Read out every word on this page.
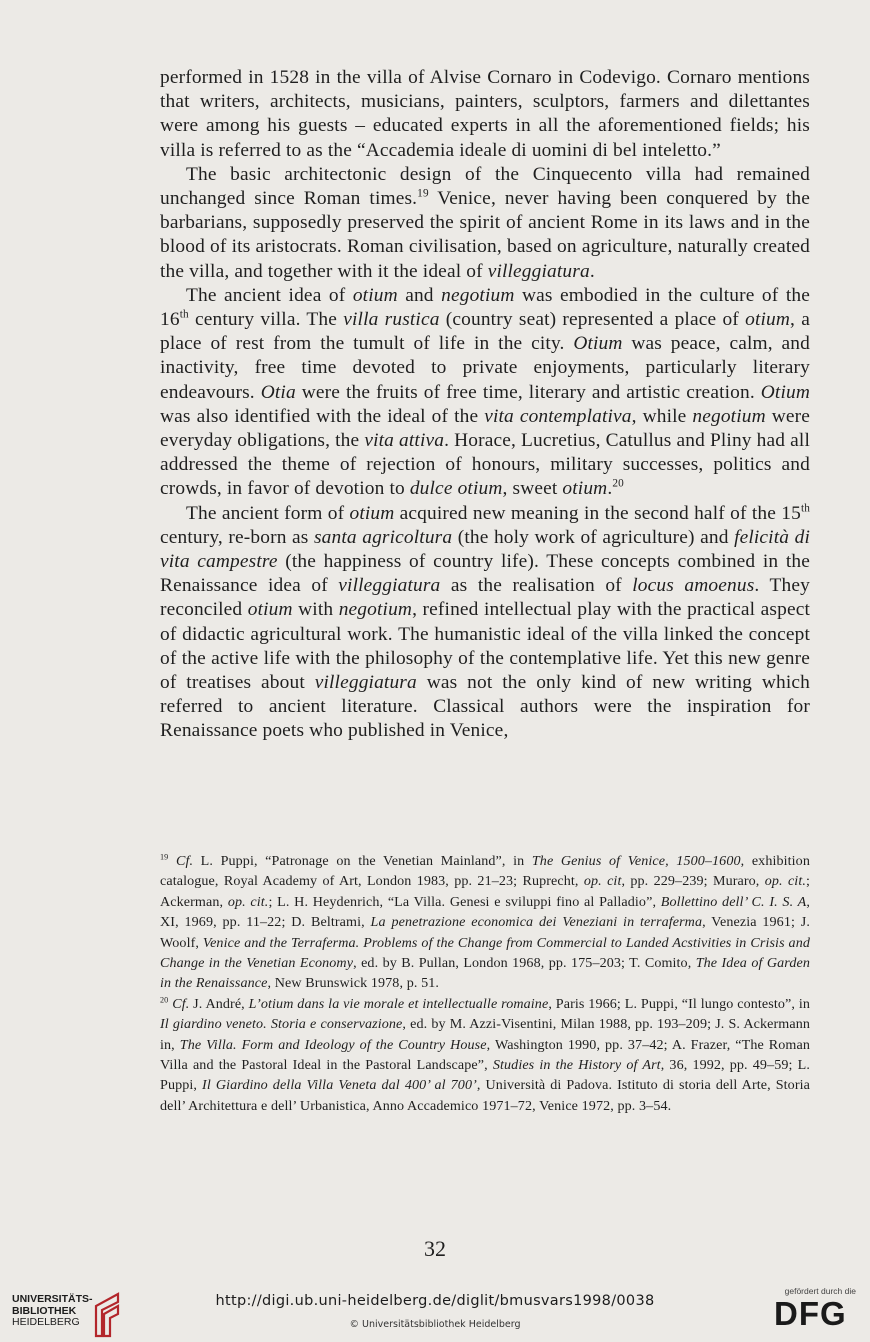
performed in 1528 in the villa of Alvise Cornaro in Codevigo. Cornaro mentions that writers, architects, musicians, painters, sculptors, farmers and dilettantes were among his guests – educated experts in all the aforementioned fields; his villa is referred to as the “Accademia ideale di uomini di bel inteletto.”

The basic architectonic design of the Cinquecento villa had remained unchanged since Roman times.$^{19}$ Venice, never having been conquered by the barbarians, supposedly preserved the spirit of ancient Rome in its laws and in the blood of its aristocrats. Roman civilisation, based on agriculture, naturally created the villa, and together with it the ideal of villeggiatura.

The ancient idea of otium and negotium was embodied in the culture of the 16th century villa. The villa rustica (country seat) represented a place of otium, a place of rest from the tumult of life in the city. Otium was peace, calm, and inactivity, free time devoted to private enjoyments, particularly literary endeavours. Otia were the fruits of free time, literary and artistic creation. Otium was also identified with the ideal of the vita contemplativa, while negotium were everyday obligations, the vita attiva. Horace, Lucretius, Catullus and Pliny had all addressed the theme of rejection of honours, military successes, politics and crowds, in favor of devotion to dulce otium, sweet otium.$^{20}$

The ancient form of otium acquired new meaning in the second half of the 15th century, re-born as santa agricoltura (the holy work of agriculture) and felicità di vita campestre (the happiness of country life). These concepts combined in the Renaissance idea of villeggiatura as the realisation of locus amoenus. They reconciled otium with negotium, refined intellectual play with the practical aspect of didactic agricultural work. The humanistic ideal of the villa linked the concept of the active life with the philosophy of the contemplative life. Yet this new genre of treatises about villeggiatura was not the only kind of new writing which referred to ancient literature. Classical authors were the inspiration for Renaissance poets who published in Venice,

$^{19}$ Cf. L. Puppi, “Patronage on the Venetian Mainland”, in The Genius of Venice, 1500–1600, exhibition catalogue, Royal Academy of Art, London 1983, pp. 21–23; Ruprecht, op. cit, pp. 229–239; Muraro, op. cit.; Ackerman, op. cit.; L. H. Heydenrich, “La Villa. Genesi e sviluppi fino al Palladio”, Bollettino dell’ C. I. S. A, XI, 1969, pp. 11–22; D. Beltrami, La penetrazione economica dei Veneziani in terraferma, Venezia 1961; J. Woolf, Venice and the Terraferma. Problems of the Change from Commercial to Landed Acstivities in Crisis and Change in the Venetian Economy, ed. by B. Pullan, London 1968, pp. 175–203; T. Comito, The Idea of Garden in the Renaissance, New Brunswick 1978, p. 51.

$^{20}$ Cf. J. André, L’otium dans la vie morale et intellectualle romaine, Paris 1966; L. Puppi, “Il lungo contesto”, in Il giardino veneto. Storia e conservazione, ed. by M. Azzi-Visentini, Milan 1988, pp. 193–209; J. S. Ackermann in, The Villa. Form and Ideology of the Country House, Washington 1990, pp. 37–42; A. Frazer, “The Roman Villa and the Pastoral Ideal in the Pastoral Landscape”, Studies in the History of Art, 36, 1992, pp. 49–59; L. Puppi, Il Giardino della Villa Veneta dal 400’ al 700’, Università di Padova. Istituto di storia dell Arte, Storia dell’ Architettura e dell’ Urbanistica, Anno Accademico 1971–72, Venice 1972, pp. 3–54.

32
UNIVERSITÄTS-
BIBLIOTHEK
HEIDELBERG
http://digi.ub.uni-heidelberg.de/diglit/bmusvars1998/0038
© Universitätsbibliothek Heidelberg
gefördert durch die
DFG
